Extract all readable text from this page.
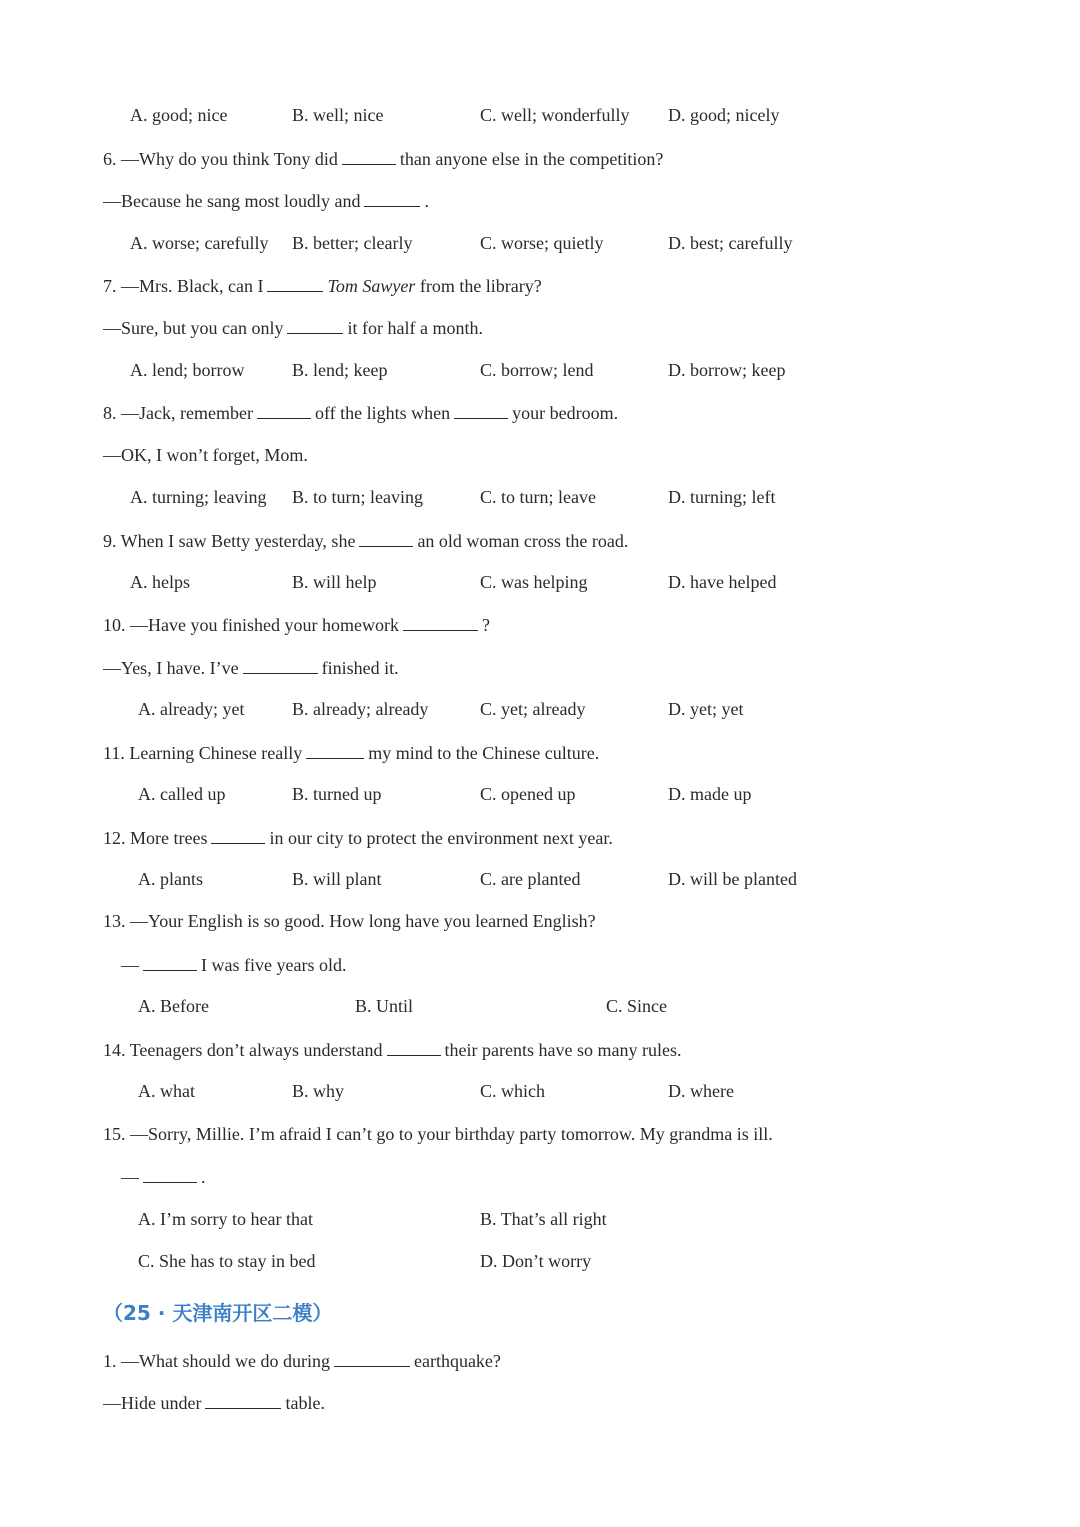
A. good; nice	B. well; nice	C. well; wonderfully D. good; nicely
6. —Why do you think Tony did	than anyone else in the competition?
—Because he sang most loudly and	.
A. worse; carefully B. better; clearly	C. worse; quietly	D. best; carefully
7. —Mrs. Black, can I	Tom Sawyer from the library?
—Sure, but you can only	it for half a month.
A. lend; borrow	B. lend; keep	C. borrow; lend	D. borrow; keep
8. —Jack, remember	off the lights when	your bedroom.
—OK, I won’t forget, Mom.
A. turning; leaving B. to turn; leaving	C. to turn; leave	D. turning; left
9. When I saw Betty yesterday, she	an old woman cross the road.
A. helps	B. will help	C. was helping	D. have helped
10. —Have you finished your homework	?
—Yes, I have. I’ve	finished it.
A. already; yet	B. already; already	C. yet; already	D. yet; yet
11. Learning Chinese really	my mind to the Chinese culture.
A. called up	B. turned up	C. opened up	D. made up
12. More trees	in our city to protect the environment next year.
A. plants	B. will plant	C. are planted	D. will be planted
13. —Your English is so good. How long have you learned English?
—	I was five years old.
A. Before	B. Until	C. Since
14. Teenagers don’t always understand	their parents have so many rules.
A. what	B. why	C. which	D. where
15. —Sorry, Millie. I’m afraid I can’t go to your birthday party tomorrow. My grandma is ill.
—	.
A. I’m sorry to hear that	B. That’s all right
C. She has to stay in bed	D. Don’t worry
（25 · 天津南开区二模）
1. —What should we do during	earthquake?
—Hide under	table.
